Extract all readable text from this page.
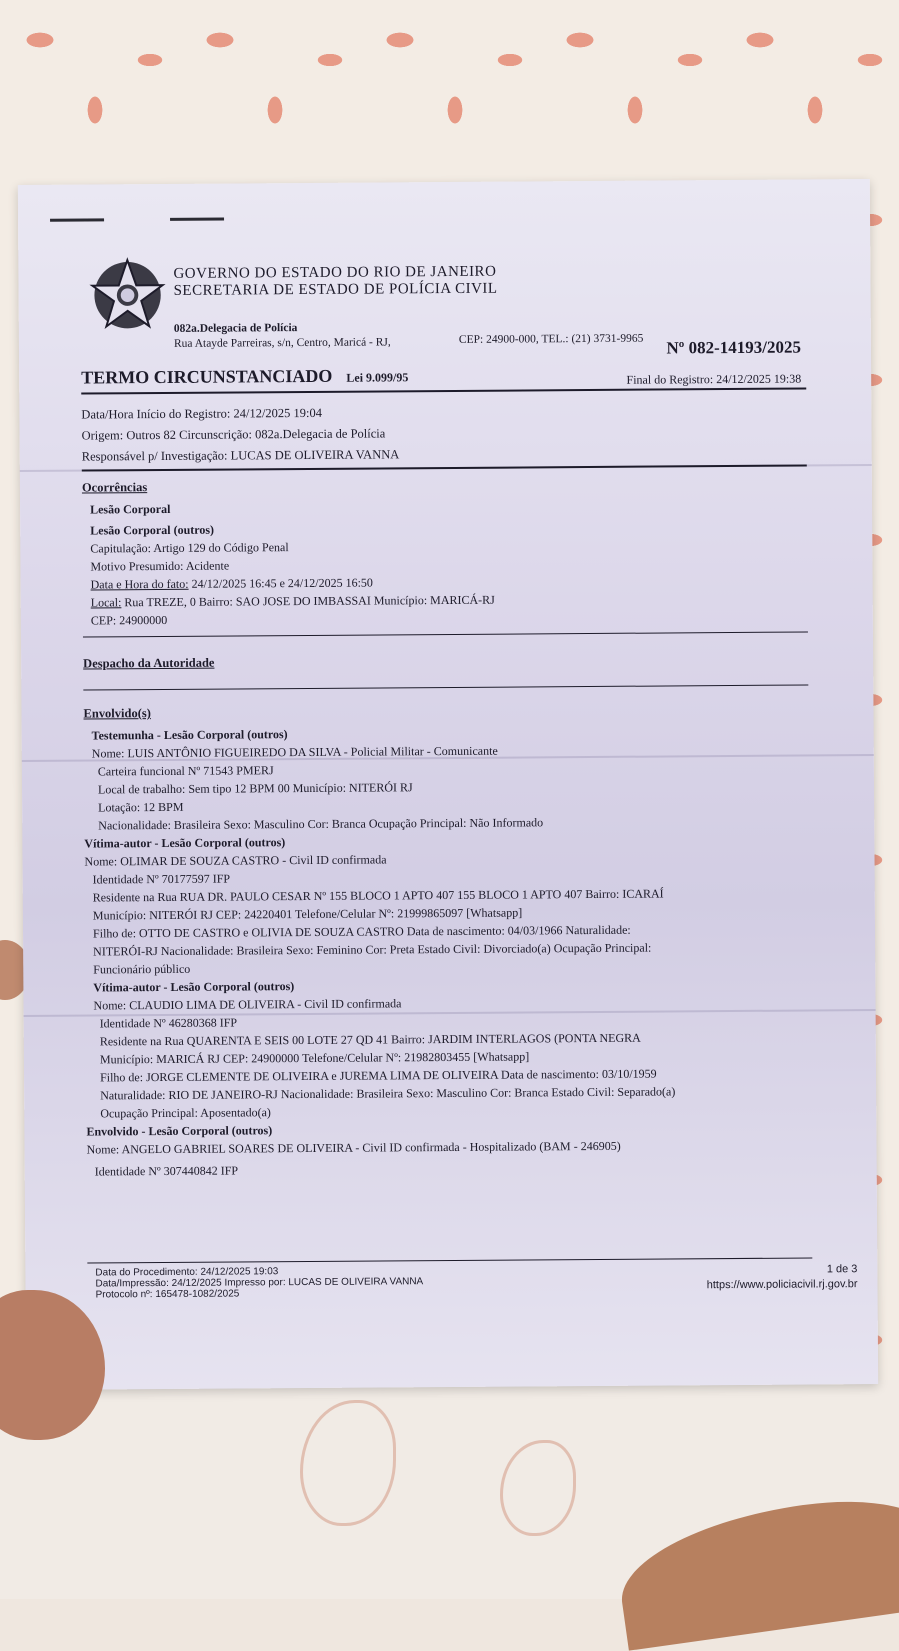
GOVERNO DO ESTADO DO RIO DE JANEIRO
SECRETARIA DE ESTADO DE POLÍCIA CIVIL
082a.Delegacia de Polícia
Rua Atayde Parreiras, s/n, Centro, Maricá - RJ,	CEP: 24900-000, TEL.: (21) 3731-9965 Nº 082-14193/2025
TERMO CIRCUNSTANCIADO Lei 9.099/95	Final do Registro: 24/12/2025 19:38
Data/Hora Início do Registro: 24/12/2025 19:04
Origem: Outros 82 Circunscrição: 082a.Delegacia de Polícia
Responsável p/ Investigação: LUCAS DE OLIVEIRA VANNA
Ocorrências
Lesão Corporal
Lesão Corporal (outros)
Capitulação: Artigo 129 do Código Penal
Motivo Presumido: Acidente
Data e Hora do fato: 24/12/2025 16:45 e 24/12/2025 16:50
Local: Rua TREZE, 0 Bairro: SAO JOSE DO IMBASSAI Município: MARICÁ-RJ
CEP: 24900000
Despacho da Autoridade
Envolvido(s)
Testemunha - Lesão Corporal (outros)
Nome: LUIS ANTÔNIO FIGUEIREDO DA SILVA - Policial Militar - Comunicante
Carteira funcional Nº 71543 PMERJ
Local de trabalho: Sem tipo 12 BPM 00 Município: NITERÓI RJ
Lotação: 12 BPM
Nacionalidade: Brasileira Sexo: Masculino Cor: Branca Ocupação Principal: Não Informado
Vítima-autor - Lesão Corporal (outros)
Nome: OLIMAR DE SOUZA CASTRO - Civil ID confirmada
Identidade Nº 70177597 IFP
Residente na Rua RUA DR. PAULO CESAR Nº 155 BLOCO 1 APTO 407 155 BLOCO 1 APTO 407 Bairro: ICARAÍ
Município: NITERÓI RJ CEP: 24220401 Telefone/Celular Nº: 21999865097 [Whatsapp]
Filho de: OTTO DE CASTRO e OLIVIA DE SOUZA CASTRO Data de nascimento: 04/03/1966 Naturalidade:
NITERÓI-RJ Nacionalidade: Brasileira Sexo: Feminino Cor: Preta Estado Civil: Divorciado(a) Ocupação Principal:
Funcionário público
Vítima-autor - Lesão Corporal (outros)
Nome: CLAUDIO LIMA DE OLIVEIRA - Civil ID confirmada
Identidade Nº 46280368 IFP
Residente na Rua QUARENTA E SEIS 00 LOTE 27 QD 41 Bairro: JARDIM INTERLAGOS (PONTA NEGRA
Município: MARICÁ RJ CEP: 24900000 Telefone/Celular Nº: 21982803455 [Whatsapp]
Filho de: JORGE CLEMENTE DE OLIVEIRA e JUREMA LIMA DE OLIVEIRA Data de nascimento: 03/10/1959
Naturalidade: RIO DE JANEIRO-RJ Nacionalidade: Brasileira Sexo: Masculino Cor: Branca Estado Civil: Separado(a)
Ocupação Principal: Aposentado(a)
Envolvido - Lesão Corporal (outros)
Nome: ANGELO GABRIEL SOARES DE OLIVEIRA - Civil ID confirmada - Hospitalizado (BAM - 246905)
Identidade Nº 307440842 IFP
Data do Procedimento: 24/12/2025 19:03
Data/Impressão: 24/12/2025 Impresso por: LUCAS DE OLIVEIRA VANNA
Protocolo nº: 165478-1082/2025
1 de 3
https://www.policiacivil.rj.gov.br
